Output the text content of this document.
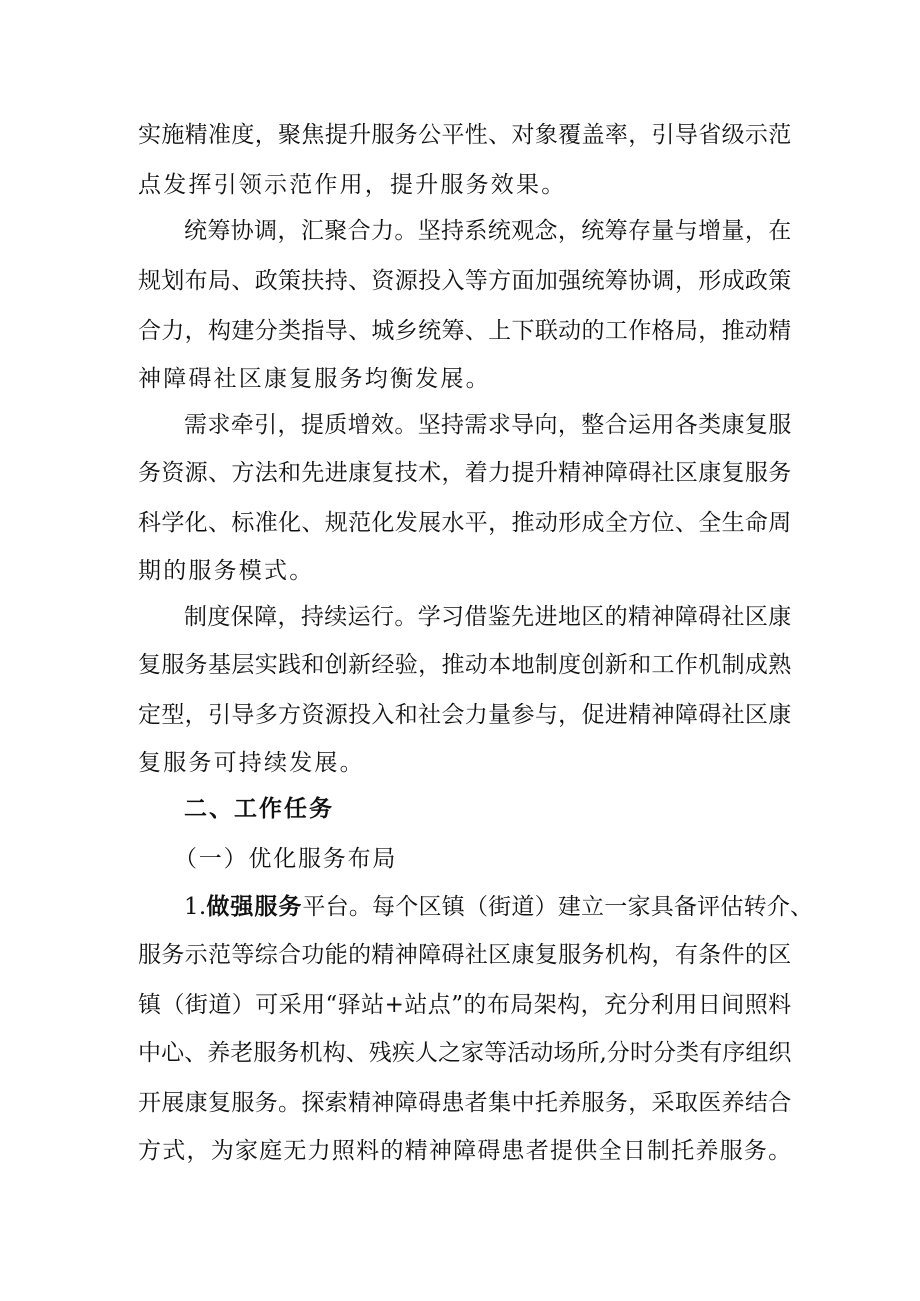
实施精准度，聚焦提升服务公平性、对象覆盖率，引导省级示范
点发挥引领示范作用，提升服务效果。
统筹协调，汇聚合力。坚持系统观念，统筹存量与增量，在
规划布局、政策扶持、资源投入等方面加强统筹协调，形成政策
合力，构建分类指导、城乡统筹、上下联动的工作格局，推动精
神障碍社区康复服务均衡发展。
需求牵引，提质增效。坚持需求导向，整合运用各类康复服
务资源、方法和先进康复技术，着力提升精神障碍社区康复服务
科学化、标准化、规范化发展水平，推动形成全方位、全生命周
期的服务模式。
制度保障，持续运行。学习借鉴先进地区的精神障碍社区康
复服务基层实践和创新经验，推动本地制度创新和工作机制成熟
定型，引导多方资源投入和社会力量参与，促进精神障碍社区康
复服务可持续发展。
二、工作任务
（一）优化服务布局
1.做强服务平台。每个区镇（街道）建立一家具备评估转介、
服务示范等综合功能的精神障碍社区康复服务机构，有条件的区
镇（街道）可采用“驿站+站点”的布局架构，充分利用日间照料
中心、养老服务机构、残疾人之家等活动场所,分时分类有序组织
开展康复服务。探索精神障碍患者集中托养服务，采取医养结合
方式，为家庭无力照料的精神障碍患者提供全日制托养服务。
